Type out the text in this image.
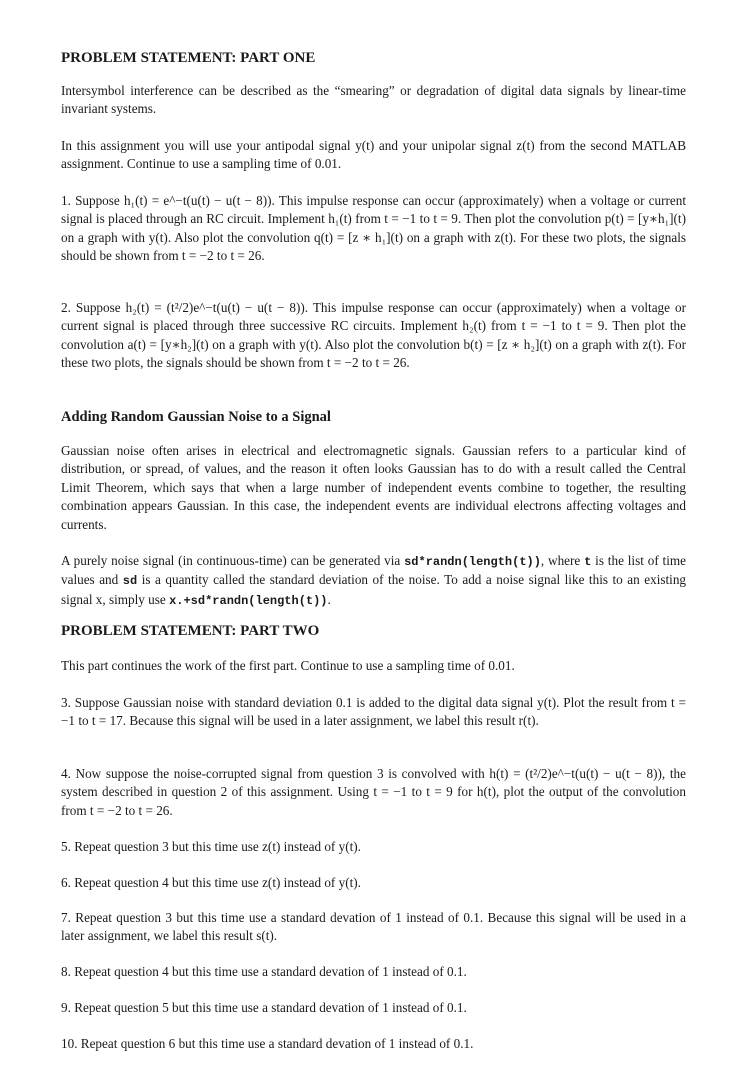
PROBLEM STATEMENT: PART ONE

Intersymbol interference can be described as the “smearing” or degradation of digital data signals by linear-time invariant systems.

In this assignment you will use your antipodal signal y(t) and your unipolar signal z(t) from the second MATLAB assignment. Continue to use a sampling time of 0.01.

1. Suppose h₁(t) = e^−t(u(t) − u(t − 8)). This impulse response can occur (approximately) when a voltage or current signal is placed through an RC circuit. Implement h₁(t) from t = −1 to t = 9. Then plot the convolution p(t) = [y∗h₁](t) on a graph with y(t). Also plot the convolution q(t) = [z ∗ h₁](t) on a graph with z(t). For these two plots, the signals should be shown from t = −2 to t = 26.

2. Suppose h₂(t) = (t²/2)e^−t(u(t) − u(t − 8)). This impulse response can occur (approximately) when a voltage or current signal is placed through three successive RC circuits. Implement h₂(t) from t = −1 to t = 9. Then plot the convolution a(t) = [y∗h₂](t) on a graph with y(t). Also plot the convolution b(t) = [z ∗ h₂](t) on a graph with z(t). For these two plots, the signals should be shown from t = −2 to t = 26.

Adding Random Gaussian Noise to a Signal

Gaussian noise often arises in electrical and electromagnetic signals. Gaussian refers to a particular kind of distribution, or spread, of values, and the reason it often looks Gaussian has to do with a result called the Central Limit Theorem, which says that when a large number of independent events combine to together, the resulting combination appears Gaussian. In this case, the independent events are individual electrons affecting voltages and currents.

A purely noise signal (in continuous-time) can be generated via sd*randn(length(t)), where t is the list of time values and sd is a quantity called the standard deviation of the noise. To add a noise signal like this to an existing signal x, simply use x.+sd*randn(length(t)).

PROBLEM STATEMENT: PART TWO

This part continues the work of the first part. Continue to use a sampling time of 0.01.

3. Suppose Gaussian noise with standard deviation 0.1 is added to the digital data signal y(t). Plot the result from t = −1 to t = 17. Because this signal will be used in a later assignment, we label this result r(t).

4. Now suppose the noise-corrupted signal from question 3 is convolved with h(t) = (t²/2)e^−t(u(t) − u(t − 8)), the system described in question 2 of this assignment. Using t = −1 to t = 9 for h(t), plot the output of the convolution from t = −2 to t = 26.

5. Repeat question 3 but this time use z(t) instead of y(t).

6. Repeat question 4 but this time use z(t) instead of y(t).

7. Repeat question 3 but this time use a standard devation of 1 instead of 0.1. Because this signal will be used in a later assignment, we label this result s(t).

8. Repeat question 4 but this time use a standard devation of 1 instead of 0.1.

9. Repeat question 5 but this time use a standard devation of 1 instead of 0.1.

10. Repeat question 6 but this time use a standard devation of 1 instead of 0.1.
